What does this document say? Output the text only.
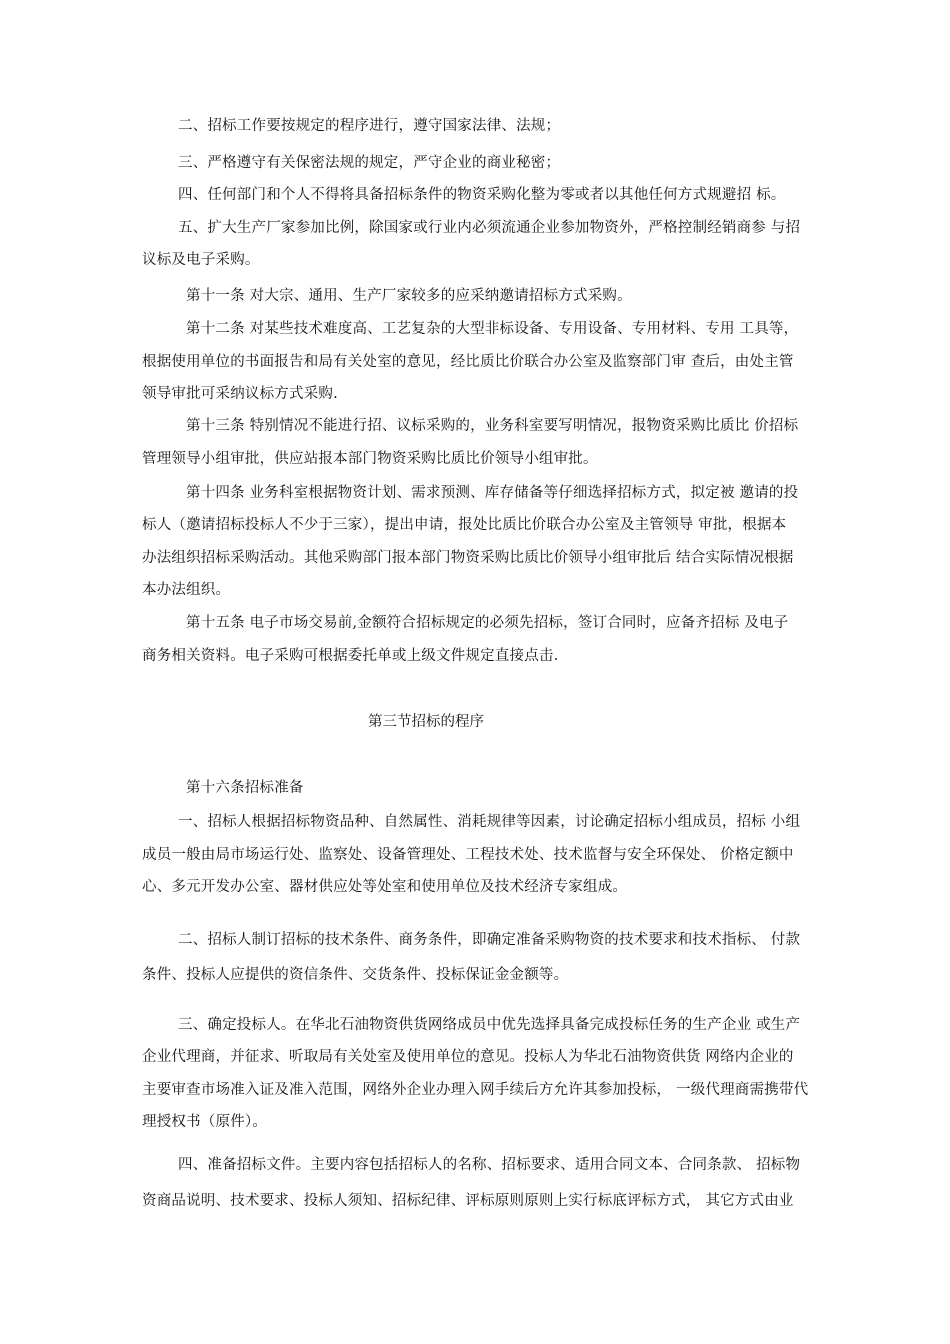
二、招标工作要按规定的程序进行，遵守国家法律、法规；
三、严格遵守有关保密法规的规定，严守企业的商业秘密；
四、任何部门和个人不得将具备招标条件的物资采购化整为零或者以其他任何方式规避招 标。
五、扩大生产厂家参加比例，除国家或行业内必须流通企业参加物资外，严格控制经销商参 与招
议标及电子采购。
第十一条 对大宗、通用、生产厂家较多的应采纳邀请招标方式采购。
第十二条 对某些技术难度高、工艺复杂的大型非标设备、专用设备、专用材料、专用 工具等，
根据使用单位的书面报告和局有关处室的意见，经比质比价联合办公室及监察部门审 查后，由处主管
领导审批可采纳议标方式采购.
第十三条 特别情况不能进行招、议标采购的，业务科室要写明情况，报物资采购比质比 价招标
管理领导小组审批，供应站报本部门物资采购比质比价领导小组审批。
第十四条 业务科室根据物资计划、需求预测、库存储备等仔细选择招标方式，拟定被 邀请的投
标人（邀请招标投标人不少于三家），提出申请，报处比质比价联合办公室及主管领导 审批，根据本
办法组织招标采购活动。其他采购部门报本部门物资采购比质比价领导小组审批后 结合实际情况根据
本办法组织。
第十五条 电子市场交易前,金额符合招标规定的必须先招标，签订合同时，应备齐招标 及电子
商务相关资料。电子采购可根据委托单或上级文件规定直接点击.
第三节招标的程序
第十六条招标准备
一、招标人根据招标物资品种、自然属性、消耗规律等因素，讨论确定招标小组成员，招标 小组
成员一般由局市场运行处、监察处、设备管理处、工程技术处、技术监督与安全环保处、 价格定额中
心、多元开发办公室、器材供应处等处室和使用单位及技术经济专家组成。
二、招标人制订招标的技术条件、商务条件，即确定准备采购物资的技术要求和技术指标、 付款
条件、投标人应提供的资信条件、交货条件、投标保证金金额等。
三、确定投标人。在华北石油物资供货网络成员中优先选择具备完成投标任务的生产企业 或生产
企业代理商，并征求、听取局有关处室及使用单位的意见。投标人为华北石油物资供货 网络内企业的
主要审查市场准入证及准入范围，网络外企业办理入网手续后方允许其参加投标， 一级代理商需携带代
理授权书（原件）。
四、准备招标文件。主要内容包括招标人的名称、招标要求、适用合同文本、合同条款、 招标物
资商品说明、技术要求、投标人须知、招标纪律、评标原则原则上实行标底评标方式， 其它方式由业
